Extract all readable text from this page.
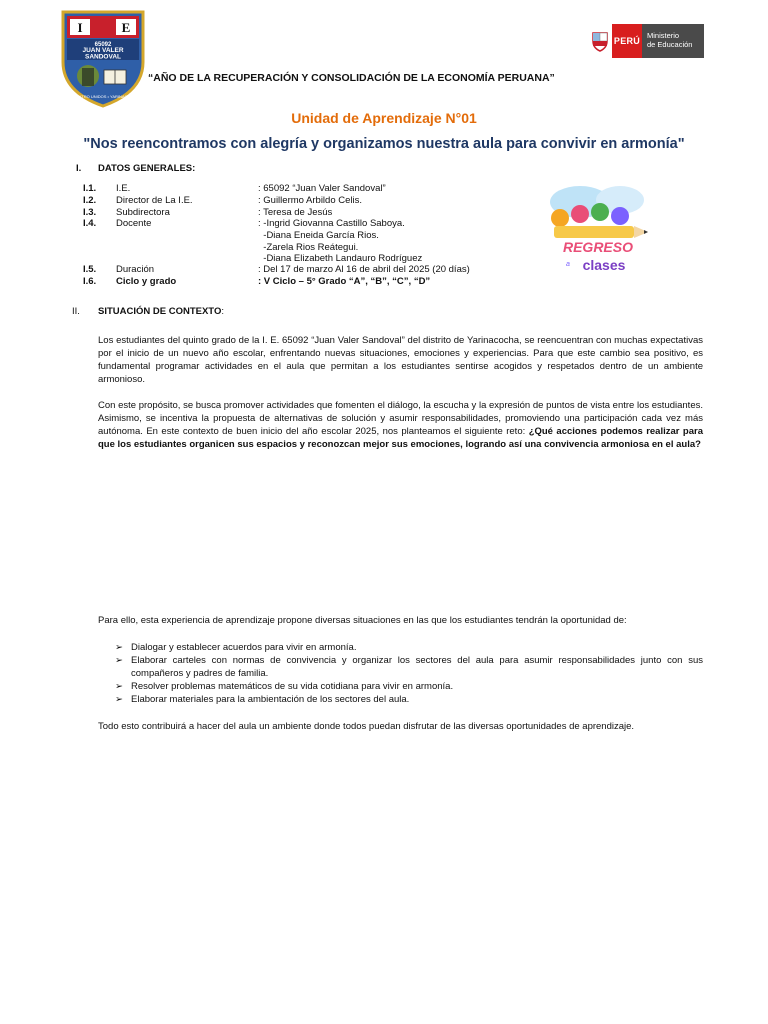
I	E
65092
JUAN VALER
SANDOVAL
AL CENTRO UNIDOS • YARINACOCHA
PERÚ
Ministerio
de Educación
“AÑO DE LA RECUPERACIÓN Y CONSOLIDACIÓN DE LA ECONOMÍA PERUANA”
Unidad de Aprendizaje N°01
"Nos reencontramos con alegría y organizamos nuestra aula para convivir en armonía"
I. DATOS GENERALES:
I.1. I.E.	: 65092 “Juan Valer Sandoval”
I.2. Director de La I.E.	: Guillermo Arbildo Celis.
I.3. Subdirectora	: Teresa de Jesús
I.4. Docente	: -Ingrid Giovanna Castillo Saboya.
-Diana Eneida García Rios.
-Zarela Rios Reátegui.
-Diana Elizabeth Landauro Rodríguez
I.5. Duración	: Del 17 de marzo Al 16 de abril del 2025 (20 días)
I.6. Ciclo y grado	: V Ciclo – 5° Grado “A”, “B”, “C”, “D”
REGRESO
a clases
II. SITUACIÓN DE CONTEXTO:
Los estudiantes del quinto grado de la I. E. 65092 “Juan Valer Sandoval” del distrito de Yarinacocha, se reencuentran con muchas expectativas por el inicio de un nuevo año escolar, enfrentando nuevas situaciones, emociones y experiencias. Para que este cambio sea positivo, es fundamental programar actividades en el aula que permitan a los estudiantes sentirse acogidos y respetados dentro de un ambiente armonioso.
Con este propósito, se busca promover actividades que fomenten el diálogo, la escucha y la expresión de puntos de vista entre los estudiantes. Asimismo, se incentiva la propuesta de alternativas de solución y asumir responsabilidades, promoviendo una participación cada vez más autónoma. En este contexto de buen inicio del año escolar 2025, nos planteamos el siguiente reto: ¿Qué acciones podemos realizar para que los estudiantes organicen sus espacios y reconozcan mejor sus emociones, logrando así una convivencia armoniosa en el aula?
Para ello, esta experiencia de aprendizaje propone diversas situaciones en las que los estudiantes tendrán la oportunidad de:
➢ Dialogar y establecer acuerdos para vivir en armonía.
➢ Elaborar carteles con normas de convivencia y organizar los sectores del aula para asumir responsabilidades junto con sus compañeros y padres de familia.
➢ Resolver problemas matemáticos de su vida cotidiana para vivir en armonía.
➢ Elaborar materiales para la ambientación de los sectores del aula.
Todo esto contribuirá a hacer del aula un ambiente donde todos puedan disfrutar de las diversas oportunidades de aprendizaje.
